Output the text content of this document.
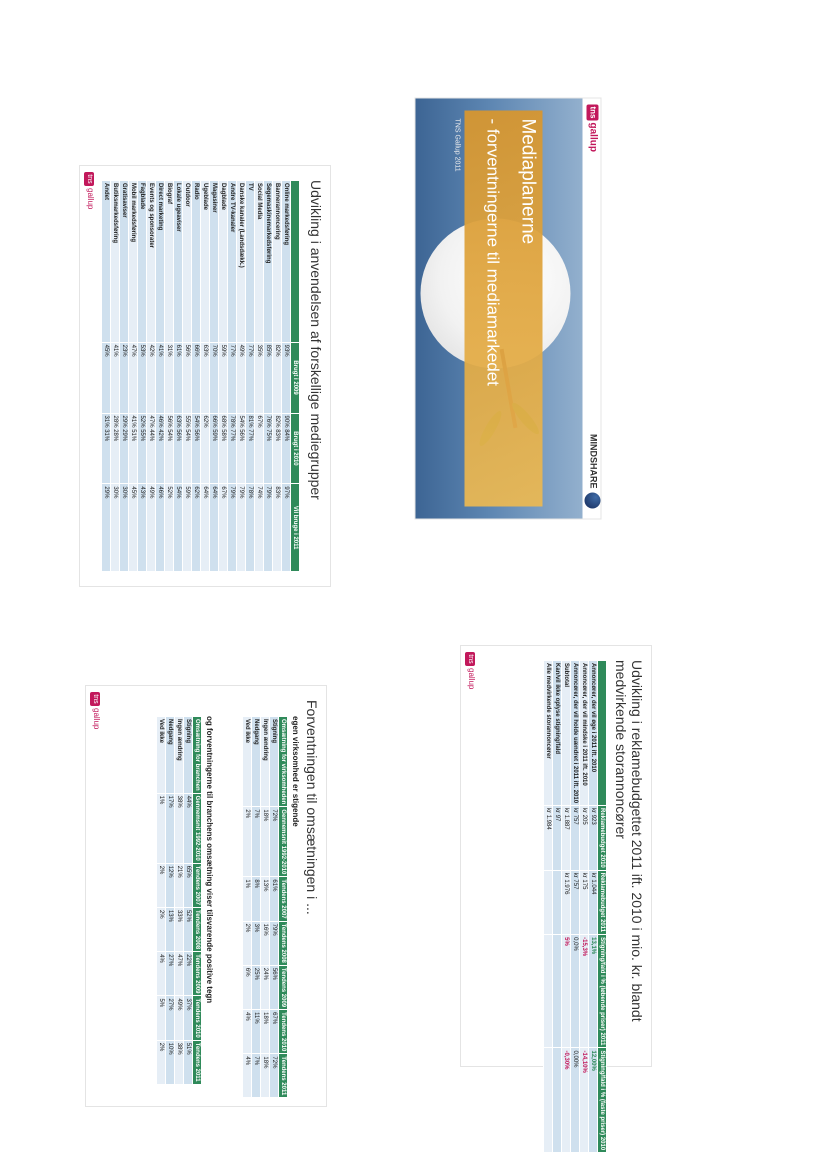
Mediaplanerne
- forventningerne til mediamarkedet
TNS Gallup 2011
tnsgallup
MINDSHARE
Udvikling i anvendelsen af forskellige mediegrupper
	Brugt i 2009	Brugt i 2010	Vil bruge i 2011
Online markedsføring	93%	90% 84%	97%
Bannerannoncering	82%	82% 83%	83%
Søgemaskinemarkedsføring	85%	76% 75%	79%
Social Media	35%	67%	74%
TV	77%	81% 77%	78%
Danske kanaler (Landsdækk.)	49%	54% 56%	79%
Andre TV-kanaler	77%	78% 77%	79%
Dagblade	59%	68% 58%	67%
Magasiner	70%	66% 59%	64%
Ugeblade	63%	62%	64%
Radio	66%	54% 56%	62%
Outdoor	56%	55% 54%	59%
Lokale ugeaviser	61%	63% 56%	54%
Biograf	31%	56% 54%	52%
Direct marketing	41%	46% 42%	46%
Events og sponsorater	42%	47% 44%	49%
Fagblade	53%	52% 55%	43%
Mobil markedsføring	47%	41% 51%	45%
Gratisaviser	23%	29% 29%	30%
Butiksmarkedsføring	41%	28% 28%	30%
Andet	45%	31% 31%	29%
tnsgallup
Udvikling i reklamebudgettet 2011 ift. 2010 i mio. kr. blandt medvirkende storannoncører
	Reklamebudget 2010	Reklamebudget 2011	Stigning/fald i % (løbende priser) 2011	Stigning/fald i % (faste priser) 2010
Annoncører, der vil øge i 2011 ift. 2010	kr 923	kr 1.044	13,1%	12,00%
Annoncører, der vil mindske i 2011 ift. 2010	kr 205	kr 175	-15,3%	-14,10%
Annoncører, der vil holde uændret i 2011 ift. 2010	kr 757	kr 757	0,0%	0,00%
Subtotal	kr 1.887	kr 1.976	5%	-0,30%
Kan/vil ikke oplyse stigning/fald	kr 97			
Alle medvirkende storannoncører	kr 1.984			
tnsgallup
Forventningen til omsætningen i ...
egen virksomhed er stigende
Omsætning for virksomheden	Gennemsnit 1992-2010	Tendens 2007	Tendens 2008	Tendens 2009	Tendens 2010	Tendens 2011
Stigning	72%	61%	79%	56%	67%	72%
Ingen ændring	18%	13%	16%	24%	18%	18%
Nedgang	7%	8%	3%	25%	11%	7%
Ved ikke	2%	1%	2%	6%	4%	4%
og forventningerne til branchens omsætning viser tilsvarende positive tegn
Omsætning for branchen	Gennemsnit 1992-2010	Tendens 2007	Tendens 2008	Tendens 2009	Tendens 2010	Tendens 2011
Stigning	44%	65%	52%	22%	37%	51%
Ingen ændring	38%	21%	33%	47%	49%	38%
Nedgang	17%	12%	13%	27%	27%	10%
Ved ikke	1%	2%	2%	4%	5%	2%
tnsgallup
